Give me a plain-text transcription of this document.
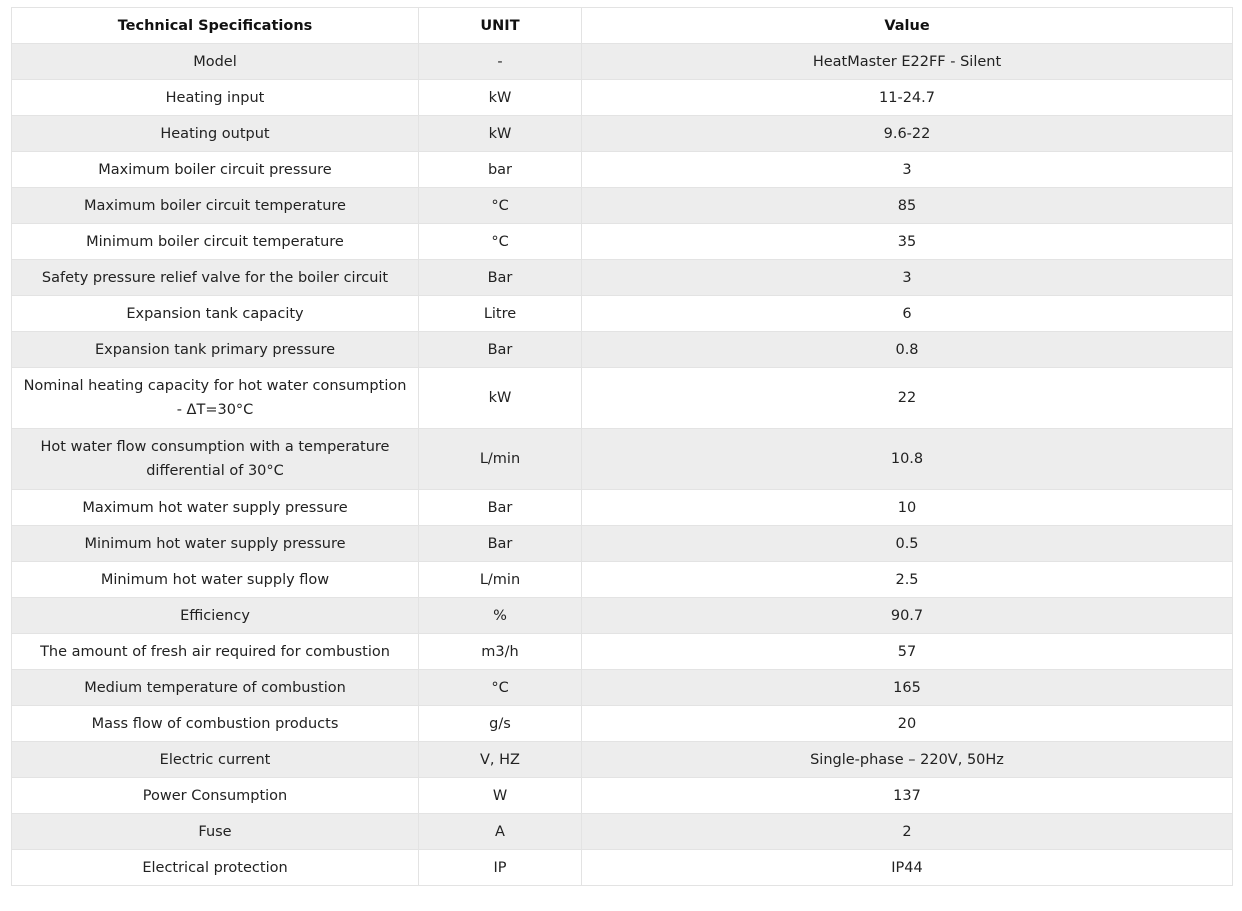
Technical Specifications	UNIT	Value
Model	-	HeatMaster E22FF - Silent
Heating input	kW	11-24.7
Heating output	kW	9.6-22
Maximum boiler circuit pressure	bar	3
Maximum boiler circuit temperature	°C	85
Minimum boiler circuit temperature	°C	35
Safety pressure relief valve for the boiler circuit	Bar	3
Expansion tank capacity	Litre	6
Expansion tank primary pressure	Bar	0.8
Nominal heating capacity for hot water consumption - ΔT=30°C	kW	22
Hot water flow consumption with a temperature differential of 30°C	L/min	10.8
Maximum hot water supply pressure	Bar	10
Minimum hot water supply pressure	Bar	0.5
Minimum hot water supply flow	L/min	2.5
Efficiency	%	90.7
The amount of fresh air required for combustion	m3/h	57
Medium temperature of combustion	°C	165
Mass flow of combustion products	g/s	20
Electric current	V, HZ	Single-phase – 220V, 50Hz
Power Consumption	W	137
Fuse	A	2
Electrical protection	IP	IP44
